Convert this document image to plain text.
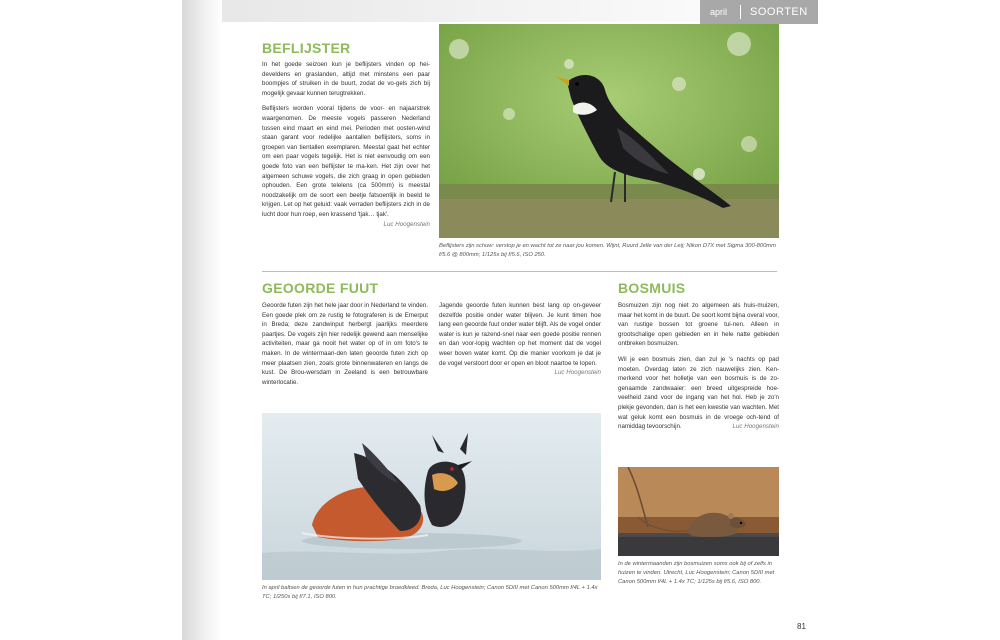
april SOORTEN
BEFLIJSTER

In het goede seizoen kun je beflijsters vinden op hei-develdens en graslanden, altijd met minstens een paar boompjes of struiken in de buurt, zodat de vo-gels zich bij mogelijk gevaar kunnen terugtrekken.

Beflijsters worden vooral tijdens de voor- en najaarstrek waargenomen. De meeste vogels passeren Nederland tussen eind maart en eind mei. Perioden met oosten-wind staan garant voor redelijke aantallen beflijsters, soms in groepen van tientallen exemplaren. Meestal gaat het echter om een paar vogels tegelijk. Het is niet eenvoudig om een goede foto van een beflijster te ma-ken. Het zijn over het algemeen schuwe vogels, die zich graag in open gebieden ophouden. Een grote telelens (ca 500mm) is meestal noodzakelijk om de soort een beetje fatsoenlijk in beeld te krijgen. Let op het geluid: vaak verraden beflijsters zich in de lucht door hun roep, een krassend 'tjak… tjak'.
Luc Hoogenstein

Beflijsters zijn schuw: verstop je en wacht tot ze naar jou komen. Wijnt, Ruurd Jelle van der Leij; Nikon D7X met Sigma 300-800mm f/5.6 @ 800mm; 1/125s bij f/5.6, ISO 250.
GEOORDE FUUT
Geoorde futen zijn het hele jaar door in Nederland te vinden. Een goede plek om ze rustig te fotograferen is de Emerput in Breda; deze zandwinput herbergt jaarlijks meerdere paartjes. De vogels zijn hier redelijk gewend aan menselijke activiteiten, maar ga nooit het water op of in om foto's te maken. In de wintermaan-den laten geoorde futen zich op meer plaatsen zien, zoals grote binnenwateren en langs de kust. De Brou-wersdam in Zeeland is een betrouwbare winterlocatie.
Jagende geoorde futen kunnen best lang op on-geveer dezelfde positie onder water blijven. Je kunt timen hoe lang een geoorde fuut onder water blijft. Als de vogel onder water is kun je razend-snel naar een goede positie rennen en dan voor-lopig wachten op het moment dat de vogel weer boven water komt. Op die manier voorkom je dat je de vogel verstoort door er open en bloot naartoe te lopen.
Luc Hoogenstein
In april baltsen de geoorde futen in hun prachtige broedkleed. Breda, Luc Hoogenstein; Canon 5DIII met Canon 500mm f/4L + 1.4x TC; 1/250s bij f/7.1, ISO 800.
BOSMUIS

Bosmuizen zijn nog niet zo algemeen als huis-muizen, maar het komt in de buurt. De soort komt bijna overal voor, van rustige bossen tot groene tui-nen. Alleen in grootschalige open gebieden en in hele natte gebieden ontbreken bosmuizen.

Wil je een bosmuis zien, dan zul je 's nachts op pad moeten. Overdag laten ze zich nauwelijks zien. Ken-merkend voor het holletje van een bosmuis is de zo-genaamde zandwaaier: een breed uitgespreide hoe-veelheid zand voor de ingang van het hol. Heb je zo'n plekje gevonden, dan is het een kwestie van wachten. Met wat geluk komt een bosmuis in de vroege och-tend of namiddag tevoorschijn.	Luc Hoogenstein

In de wintermaanden zijn bosmuizen soms ook bij of zelfs in huizen te vinden. Utrecht, Luc Hoogenstein; Canon 5DIII met Canon 500mm f/4L + 1.4x TC; 1/125s bij f/5.6, ISO 800.
81
